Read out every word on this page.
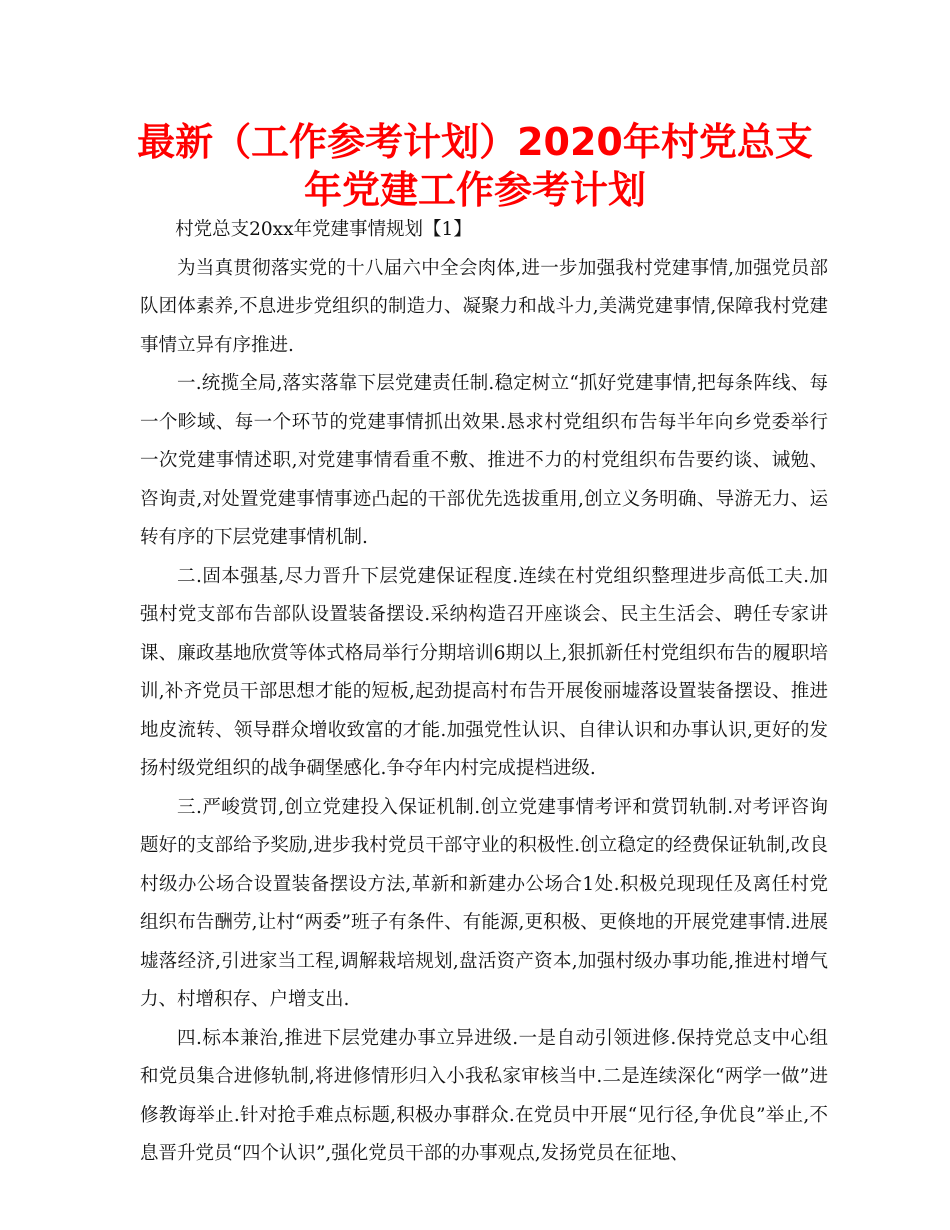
最新（工作参考计划）2020年村党总支年党建工作参考计划

村党总支20xx年党建事情规划【1】

为当真贯彻落实党的十八届六中全会肉体,进一步加强我村党建事情,加强党员部队团体素养,不息进步党组织的制造力、凝聚力和战斗力,美满党建事情,保障我村党建事情立异有序推进.

一.统揽全局,落实落靠下层党建责任制.稳定树立“抓好党建事情,把每条阵线、每一个畛域、每一个环节的党建事情抓出效果.恳求村党组织布告每半年向乡党委举行一次党建事情述职,对党建事情看重不敷、推进不力的村党组织布告要约谈、诫勉、咨询责,对处置党建事情事迹凸起的干部优先选拔重用,创立义务明确、导游无力、运转有序的下层党建事情机制.

二.固本强基,尽力晋升下层党建保证程度.连续在村党组织整理进步高低工夫.加强村党支部布告部队设置装备摆设.采纳构造召开座谈会、民主生活会、聘任专家讲课、廉政基地欣赏等体式格局举行分期培训6期以上,狠抓新任村党组织布告的履职培训,补齐党员干部思想才能的短板,起劲提高村布告开展俊丽墟落设置装备摆设、推进地皮流转、领导群众增收致富的才能.加强党性认识、自律认识和办事认识,更好的发扬村级党组织的战争碉堡感化.争夺年内村完成提档进级.

三.严峻赏罚,创立党建投入保证机制.创立党建事情考评和赏罚轨制.对考评咨询题好的支部给予奖励,进步我村党员干部守业的积极性.创立稳定的经费保证轨制,改良村级办公场合设置装备摆设方法,革新和新建办公场合1处.积极兑现现任及离任村党组织布告酬劳,让村“两委”班子有条件、有能源,更积极、更倏地的开展党建事情.进展墟落经济,引进家当工程,调解栽培规划,盘活资产资本,加强村级办事功能,推进村增气力、村增积存、户增支出.

四.标本兼治,推进下层党建办事立异进级.一是自动引领进修.保持党总支中心组和党员集合进修轨制,将进修情形归入小我私家审核当中.二是连续深化“两学一做”进修教诲举止.针对抢手难点标题,积极办事群众.在党员中开展“见行径,争优良”举止,不息晋升党员“四个认识”,强化党员干部的办事观点,发扬党员在征地、
